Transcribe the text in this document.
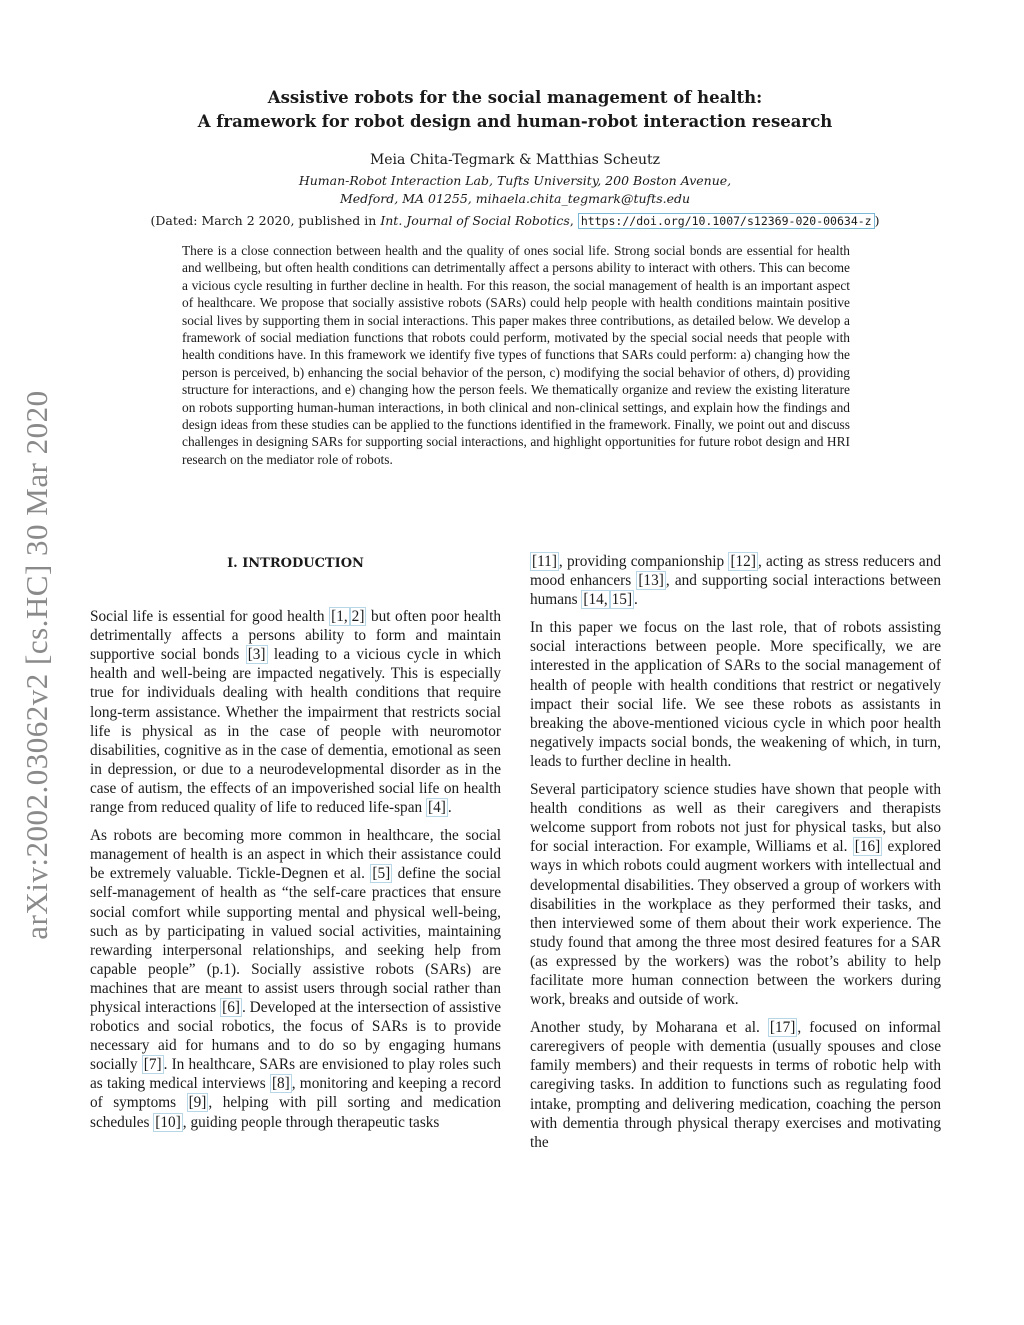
arXiv:2002.03062v2 [cs.HC] 30 Mar 2020
Assistive robots for the social management of health:
A framework for robot design and human-robot interaction research
Meia Chita-Tegmark & Matthias Scheutz
Human-Robot Interaction Lab, Tufts University, 200 Boston Avenue,
Medford, MA 01255, mihaela.chita_tegmark@tufts.edu
(Dated: March 2 2020, published in Int. Journal of Social Robotics, https://doi.org/10.1007/s12369-020-00634-z )

There is a close connection between health and the quality of ones social life. Strong social bonds are essential for health and wellbeing, but often health conditions can detrimentally affect a persons ability to interact with others. This can become a vicious cycle resulting in further decline in health. For this reason, the social management of health is an important aspect of healthcare. We propose that socially assistive robots (SARs) could help people with health conditions maintain positive social lives by supporting them in social interactions. This paper makes three contributions, as detailed below. We develop a framework of social mediation functions that robots could perform, motivated by the special social needs that people with health conditions have. In this framework we identify five types of functions that SARs could perform: a) changing how the person is perceived, b) enhancing the social behavior of the person, c) modifying the social behavior of others, d) providing structure for interactions, and e) changing how the person feels. We thematically organize and review the existing literature on robots supporting human-human interactions, in both clinical and non-clinical settings, and explain how the findings and design ideas from these studies can be applied to the functions identified in the framework. Finally, we point out and discuss challenges in designing SARs for supporting social interactions, and highlight opportunities for future robot design and HRI research on the mediator role of robots.

I. INTRODUCTION

Social life is essential for good health [1, 2] but often poor health detrimentally affects a persons ability to form and maintain supportive social bonds [3] leading to a vicious cycle in which health and well-being are impacted negatively. This is especially true for individuals dealing with health conditions that require long-term assistance. Whether the impairment that restricts social life is physical as in the case of people with neuromotor disabilities, cognitive as in the case of dementia, emotional as seen in depression, or due to a neurodevelopmental disorder as in the case of autism, the effects of an impoverished social life on health range from reduced quality of life to reduced life-span [4] .

As robots are becoming more common in healthcare, the social management of health is an aspect in which their assistance could be extremely valuable. Tickle-Degnen et al. [5] define the social self-management of health as “the self-care practices that ensure social comfort while supporting mental and physical well-being, such as by participating in valued social activities, maintaining rewarding interpersonal relationships, and seeking help from capable people” (p.1). Socially assistive robots (SARs) are machines that are meant to assist users through social rather than physical interactions [6] . Developed at the intersection of assistive robotics and social robotics, the focus of SARs is to provide necessary aid for humans and to do so by engaging humans socially [7] . In healthcare, SARs are envisioned to play roles such as taking medical interviews [8] , monitoring and keeping a record of symptoms [9] , helping with pill sorting and medication schedules [10] , guiding people through therapeutic tasks

[11] , providing companionship [12] , acting as stress reducers and mood enhancers [13] , and supporting social interactions between humans [14, 15] .

In this paper we focus on the last role, that of robots assisting social interactions between people. More specifically, we are interested in the application of SARs to the social management of health of people with health conditions that restrict or negatively impact their social life. We see these robots as assistants in breaking the above-mentioned vicious cycle in which poor health negatively impacts social bonds, the weakening of which, in turn, leads to further decline in health.

Several participatory science studies have shown that people with health conditions as well as their caregivers and therapists welcome support from robots not just for physical tasks, but also for social interaction. For example, Williams et al. [16] explored ways in which robots could augment workers with intellectual and developmental disabilities. They observed a group of workers with disabilities in the workplace as they performed their tasks, and then interviewed some of them about their work experience. The study found that among the three most desired features for a SAR (as expressed by the workers) was the robot’s ability to help facilitate more human connection between the workers during work, breaks and outside of work.

Another study, by Moharana et al. [17] , focused on informal careregivers of people with dementia (usually spouses and close family members) and their requests in terms of robotic help with caregiving tasks. In addition to functions such as regulating food intake, prompting and delivering medication, coaching the person with dementia through physical therapy exercises and motivating the
